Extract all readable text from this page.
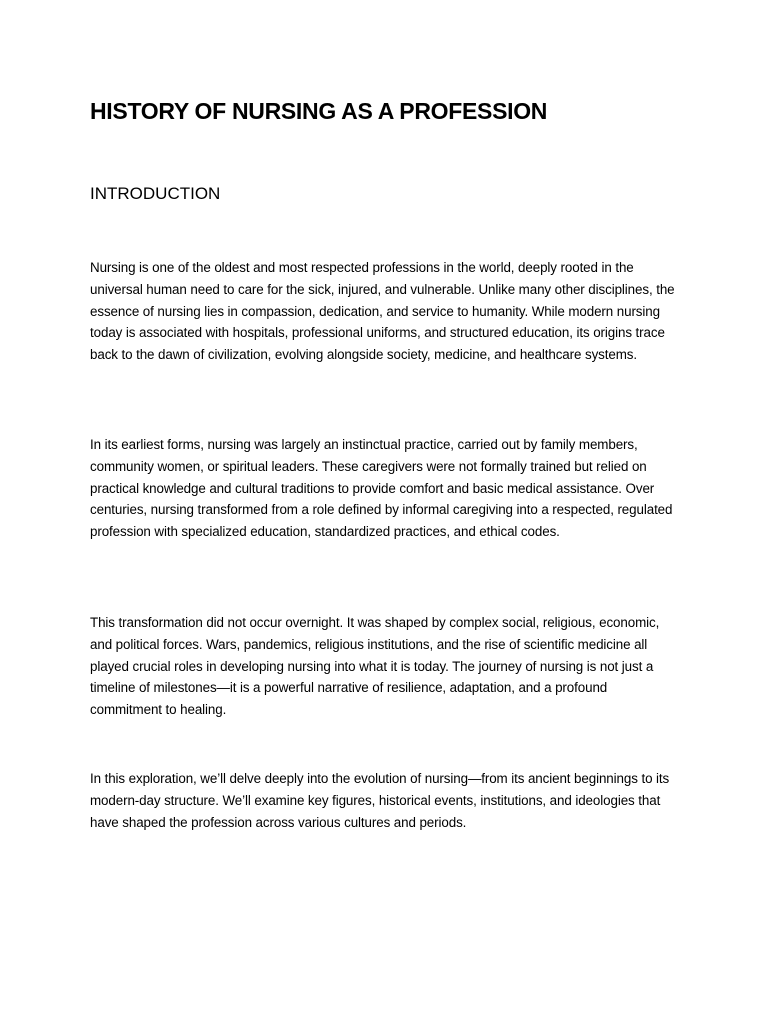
HISTORY OF NURSING AS A PROFESSION
INTRODUCTION

Nursing is one of the oldest and most respected professions in the world, deeply rooted in the universal human need to care for the sick, injured, and vulnerable. Unlike many other disciplines, the essence of nursing lies in compassion, dedication, and service to humanity. While modern nursing today is associated with hospitals, professional uniforms, and structured education, its origins trace back to the dawn of civilization, evolving alongside society, medicine, and healthcare systems.

In its earliest forms, nursing was largely an instinctual practice, carried out by family members, community women, or spiritual leaders. These caregivers were not formally trained but relied on practical knowledge and cultural traditions to provide comfort and basic medical assistance. Over centuries, nursing transformed from a role defined by informal caregiving into a respected, regulated profession with specialized education, standardized practices, and ethical codes.

This transformation did not occur overnight. It was shaped by complex social, religious, economic, and political forces. Wars, pandemics, religious institutions, and the rise of scientific medicine all played crucial roles in developing nursing into what it is today. The journey of nursing is not just a timeline of milestones—it is a powerful narrative of resilience, adaptation, and a profound commitment to healing.

In this exploration, we’ll delve deeply into the evolution of nursing—from its ancient beginnings to its modern-day structure. We’ll examine key figures, historical events, institutions, and ideologies that have shaped the profession across various cultures and periods.
